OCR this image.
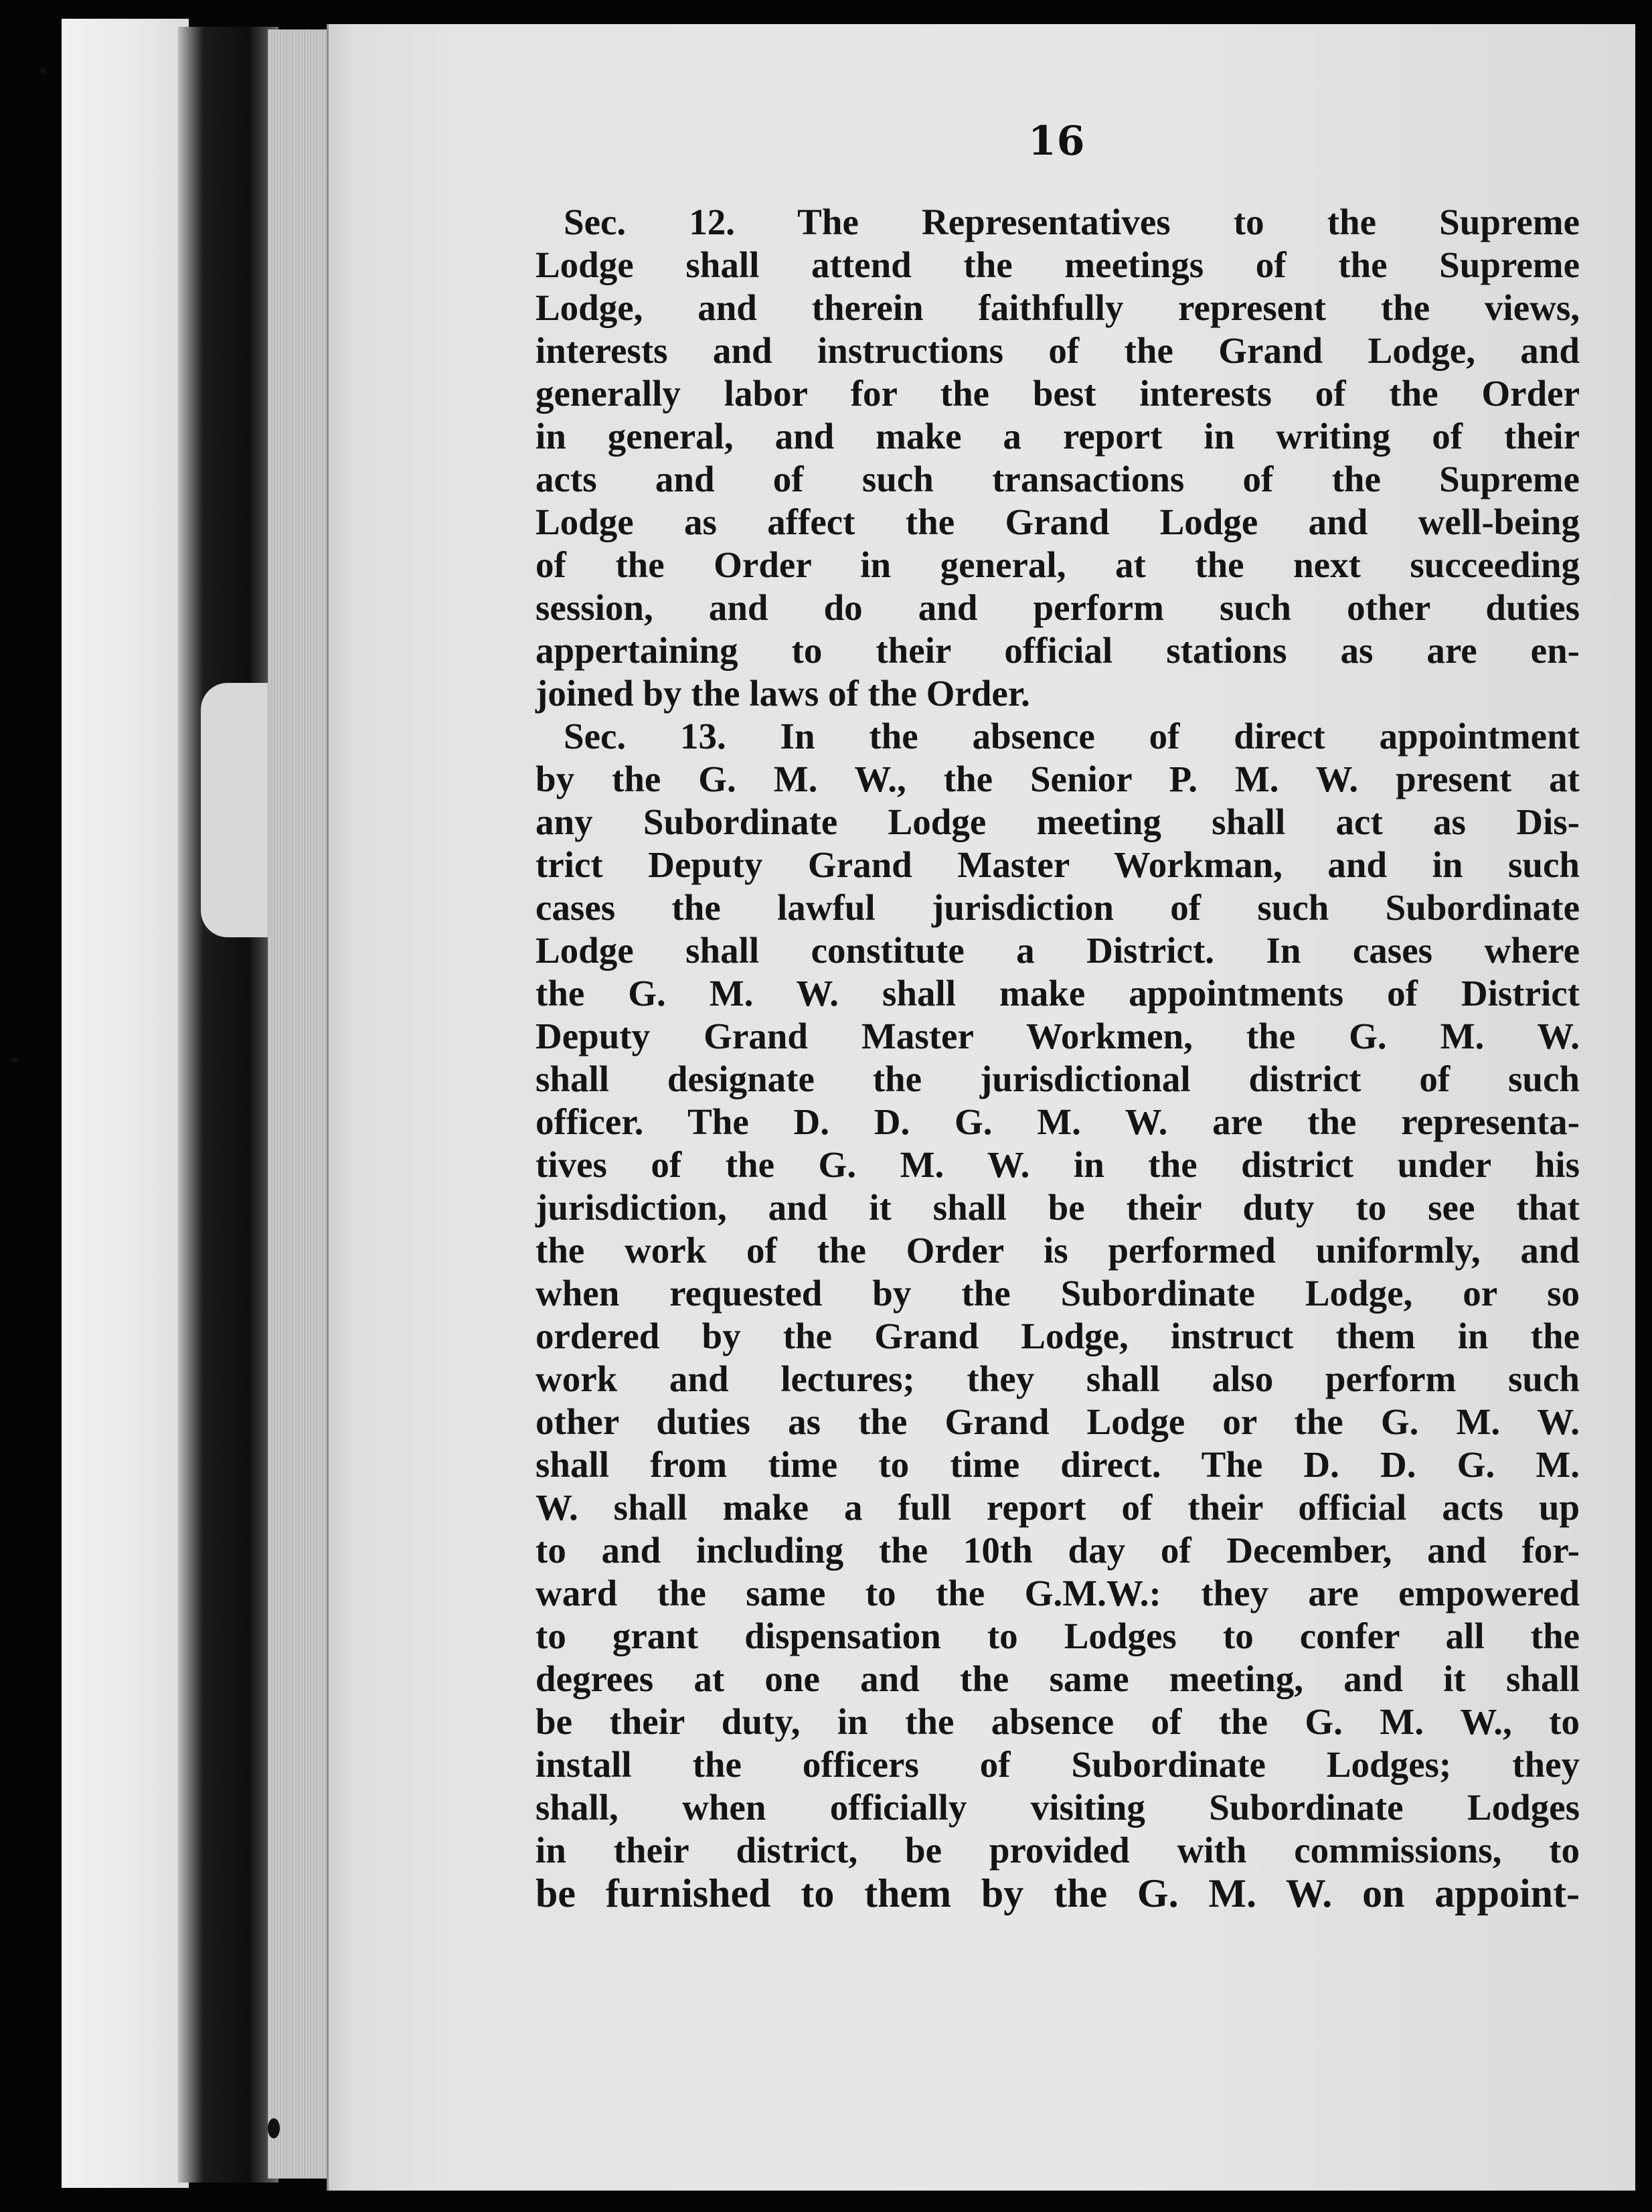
16
Sec. 12. The Representatives to the Supreme
Lodge shall attend the meetings of the Supreme
Lodge, and therein faithfully represent the views,
interests and instructions of the Grand Lodge, and
generally labor for the best interests of the Order
in general, and make a report in writing of their
acts and of such transactions of the Supreme
Lodge as affect the Grand Lodge and well-being
of the Order in general, at the next succeeding
session, and do and perform such other duties
appertaining to their official stations as are en-
joined by the laws of the Order.
Sec. 13. In the absence of direct appointment
by the G. M. W., the Senior P. M. W. present at
any Subordinate Lodge meeting shall act as Dis-
trict Deputy Grand Master Workman, and in such
cases the lawful jurisdiction of such Subordinate
Lodge shall constitute a District. In cases where
the G. M. W. shall make appointments of District
Deputy Grand Master Workmen, the G. M. W.
shall designate the jurisdictional district of such
officer. The D. D. G. M. W. are the representa-
tives of the G. M. W. in the district under his
jurisdiction, and it shall be their duty to see that
the work of the Order is performed uniformly, and
when requested by the Subordinate Lodge, or so
ordered by the Grand Lodge, instruct them in the
work and lectures; they shall also perform such
other duties as the Grand Lodge or the G. M. W.
shall from time to time direct. The D. D. G. M.
W. shall make a full report of their official acts up
to and including the 10th day of December, and for-
ward the same to the G.M.W.: they are empowered
to grant dispensation to Lodges to confer all the
degrees at one and the same meeting, and it shall
be their duty, in the absence of the G. M. W., to
install the officers of Subordinate Lodges; they
shall, when officially visiting Subordinate Lodges
in their district, be provided with commissions, to
be furnished to them by the G. M. W. on appoint-
